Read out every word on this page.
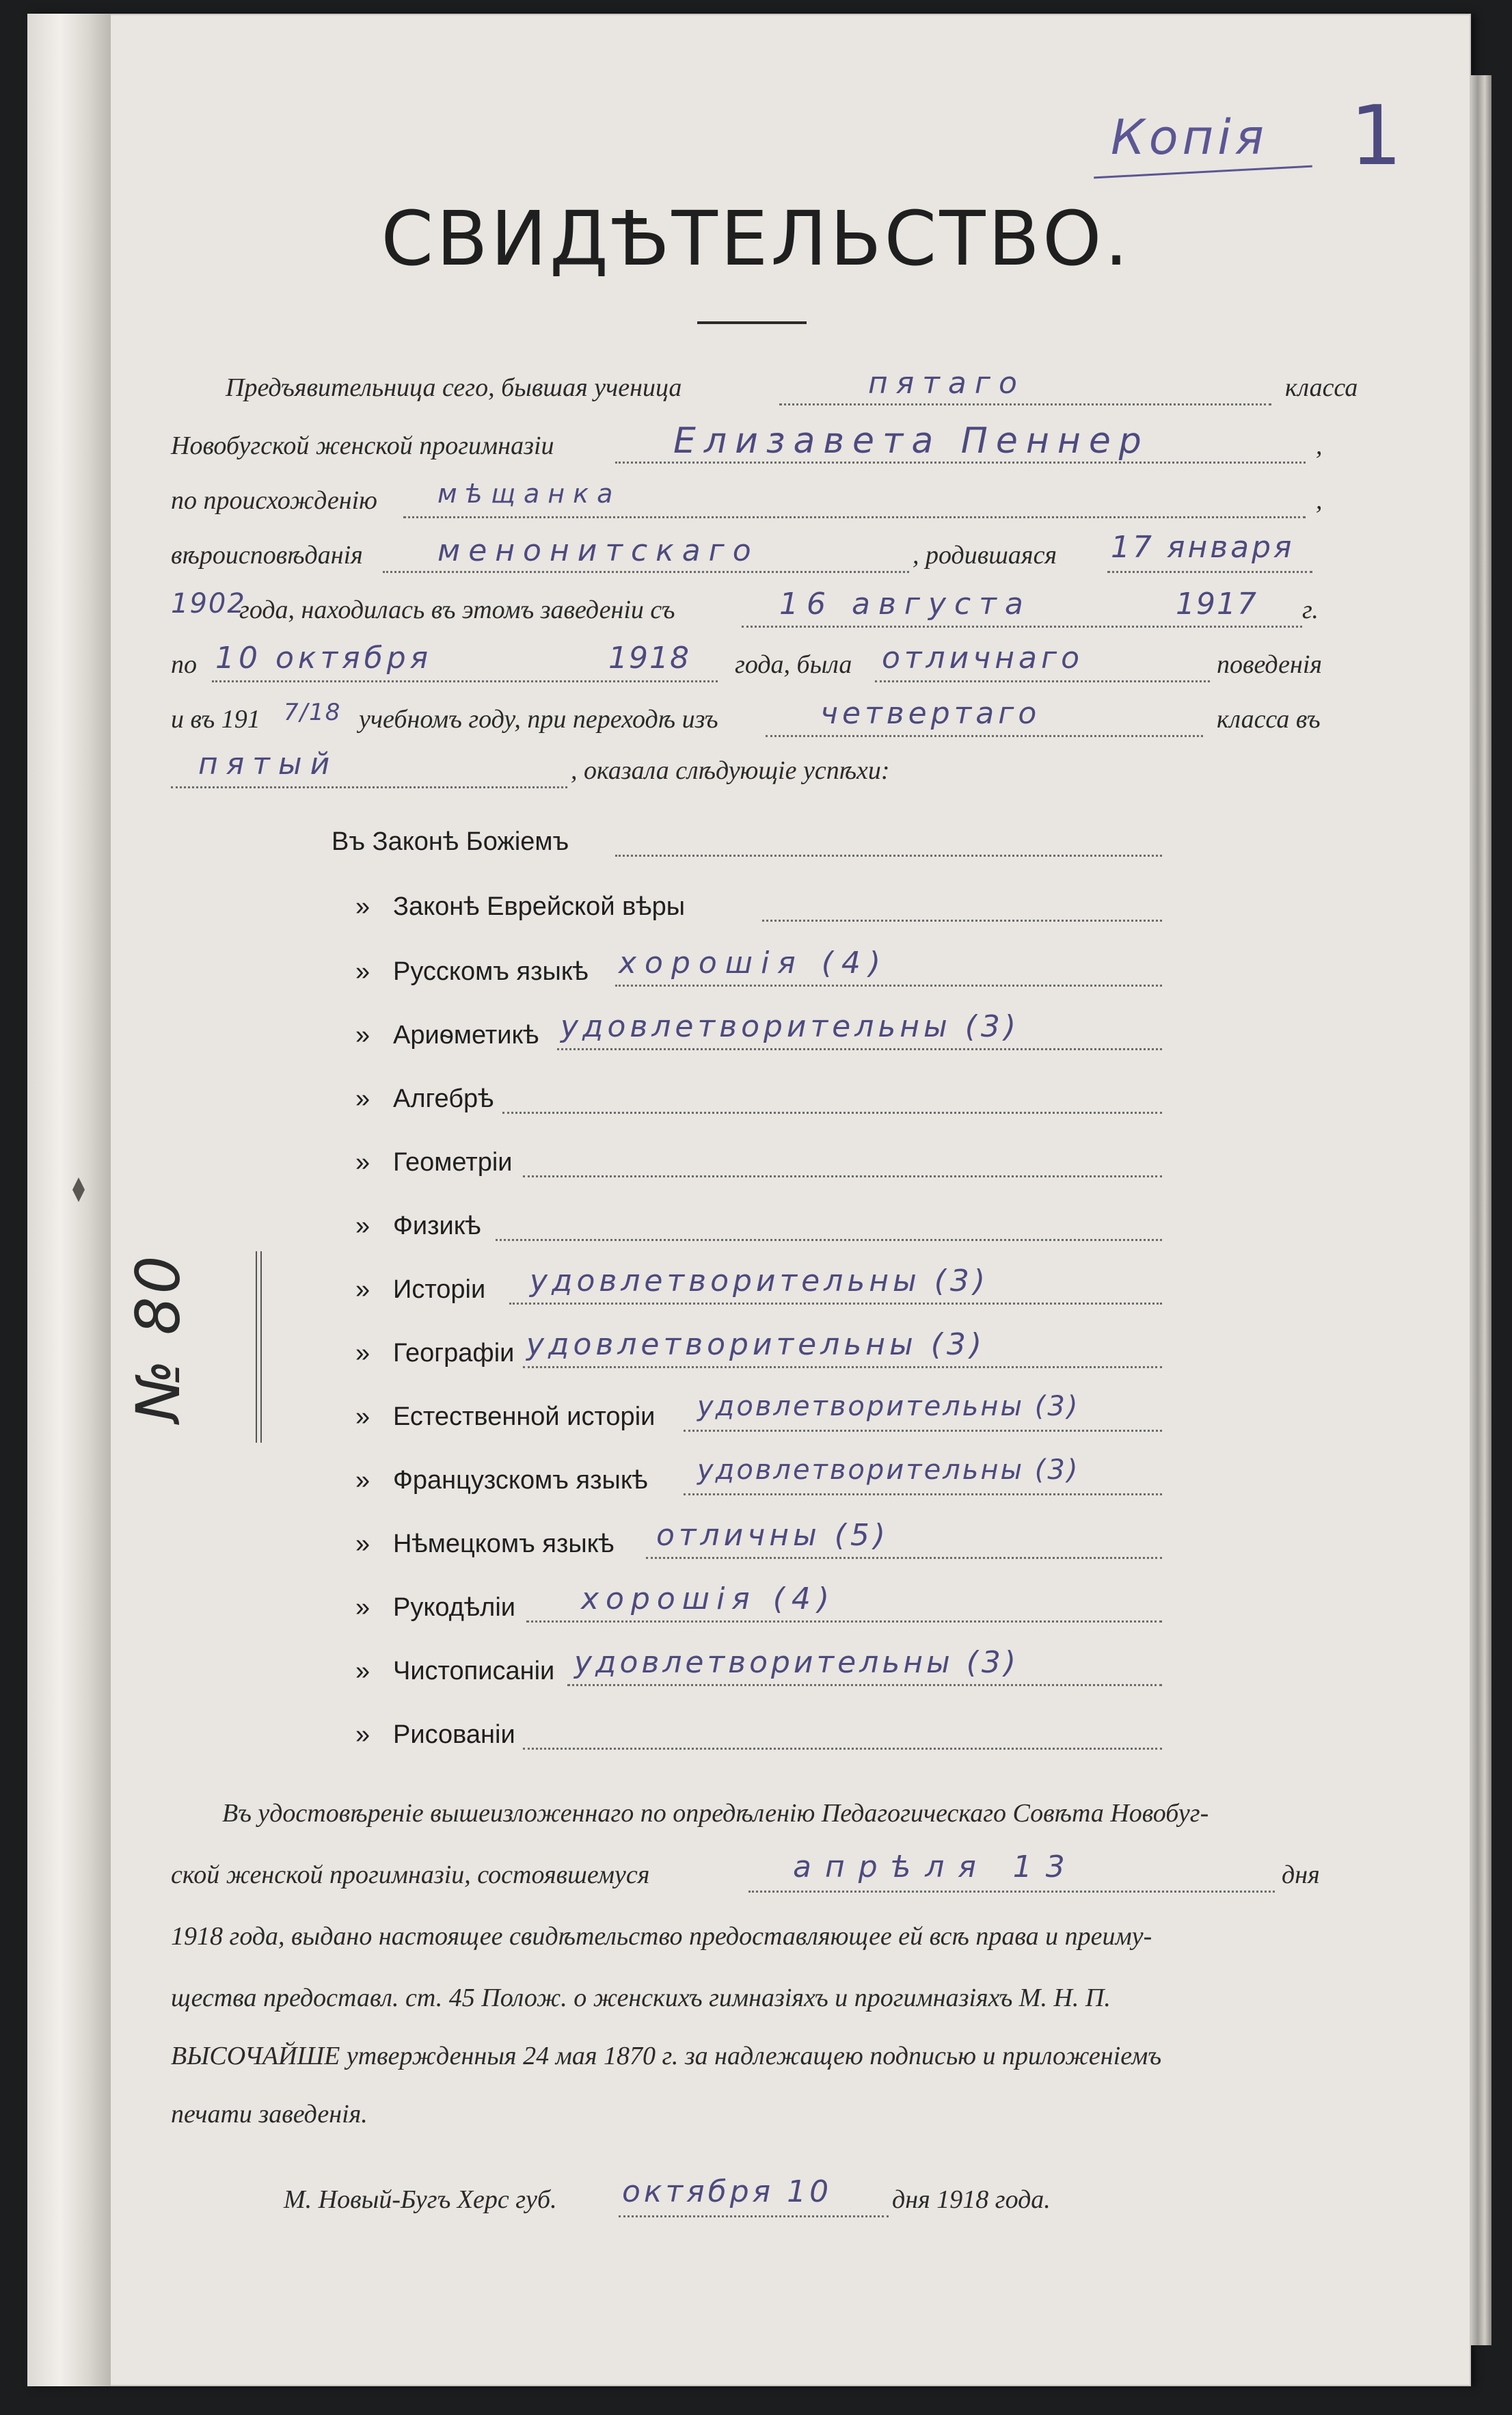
Копія 1
СВИДѢТЕЛЬСТВО.
Предъявительница сего, бывшая ученица	пятаго	класса
Новобугской женской прогимназіи	Елизавета Пеннер	,
по происхожденію мѣщанка	,
вѣроисповѣданія менонитскаго	, родившаяся 17 января
1902
года, находилась въ этомъ заведеніи съ	16 августа	1917 г.
по 10 октября	1918 года, была отличнаго	поведенія
и въ 191 7/18 учебномъ году, при переходѣ изъ	четвертаго	класса въ
пятый	, оказала слѣдующіе успѣхи:
Въ Законѣ Божіемъ
» Законѣ Еврейской вѣры
» Русскомъ языкѣ хорошiя (4)
» Ариѳметикѣ удовлетворительны (3)
» Алгебрѣ
» Геометріи
» Физикѣ
» Исторіи удовлетворительны (3)
» Географіи удовлетворительны (3)
» Естественной исторіи удовлетворительны (3)
» Французскомъ языкѣ удовлетворительны (3)
» Нѣмецкомъ языкѣ отличны (5)
» Рукодѣліи хорошiя (4)
» Чистописаніи удовлетворительны (3)
» Рисованіи
№ 80
Въ удостовѣреніе вышеизложеннаго по опредѣленію Педагогическаго Совѣта Новобуг-
ской женской прогимназіи, состоявшемуся	апрѣля 13	дня
1918 года, выдано настоящее свидѣтельство предоставляющее ей всѣ права и преиму-
щества предоставл. ст. 45 Полож. о женскихъ гимназіяхъ и прогимназіяхъ М. Н. П.
ВЫСОЧАЙШЕ утвержденныя 24 мая 1870 г. за надлежащею подписью и приложеніемъ
печати заведенія.
М. Новый-Бугъ Херс губ. октября 10 дня 1918 года.
